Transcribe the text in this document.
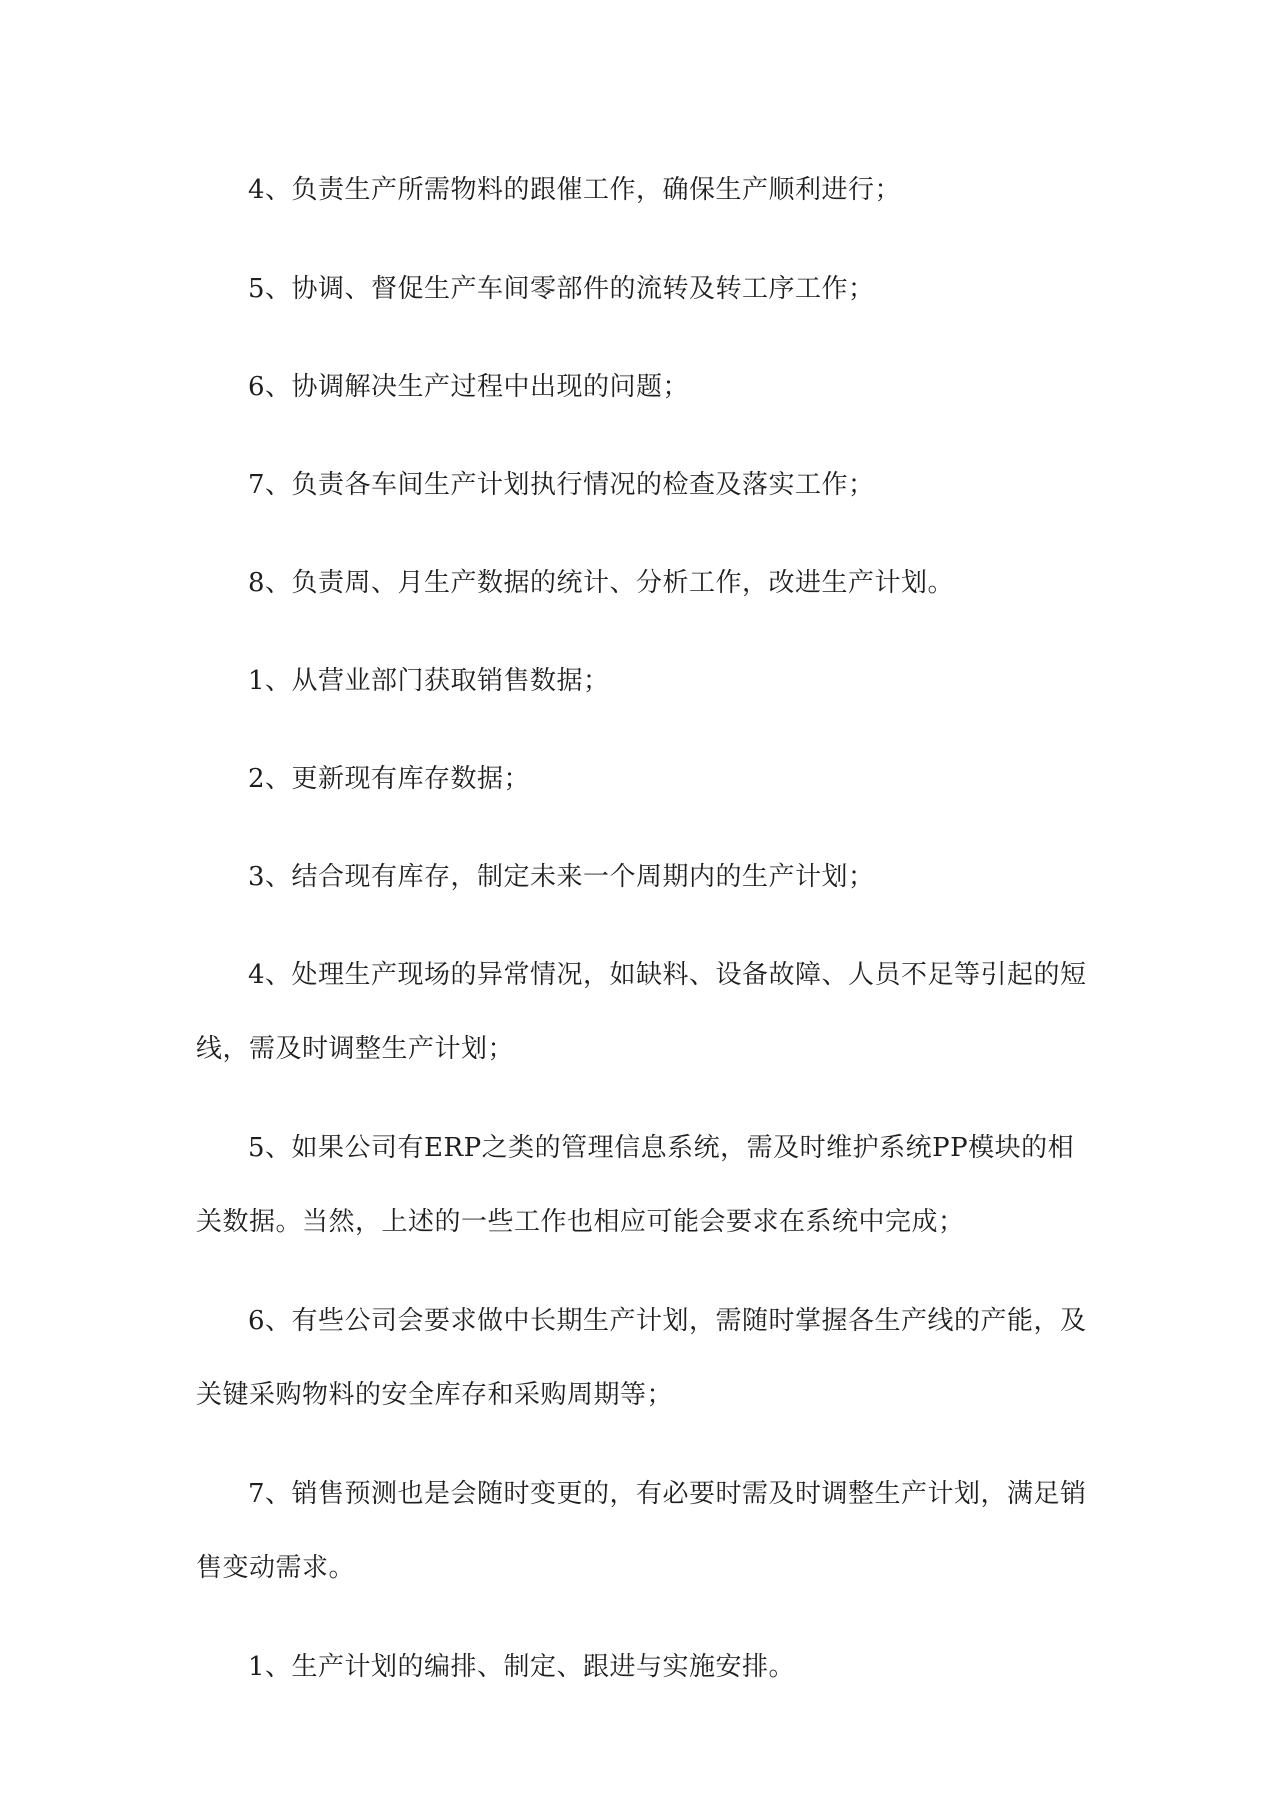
4、负责生产所需物料的跟催工作，确保生产顺利进行；

5、协调、督促生产车间零部件的流转及转工序工作；

6、协调解决生产过程中出现的问题；

7、负责各车间生产计划执行情况的检查及落实工作；

8、负责周、月生产数据的统计、分析工作，改进生产计划。

1、从营业部门获取销售数据；

2、更新现有库存数据；

3、结合现有库存，制定未来一个周期内的生产计划；

4、处理生产现场的异常情况，如缺料、设备故障、人员不足等引起的短线，需及时调整生产计划；

5、如果公司有ERP之类的管理信息系统，需及时维护系统PP模块的相关数据。当然，上述的一些工作也相应可能会要求在系统中完成；

6、有些公司会要求做中长期生产计划，需随时掌握各生产线的产能，及关键采购物料的安全库存和采购周期等；

7、销售预测也是会随时变更的，有必要时需及时调整生产计划，满足销售变动需求。

1、生产计划的编排、制定、跟进与实施安排。
